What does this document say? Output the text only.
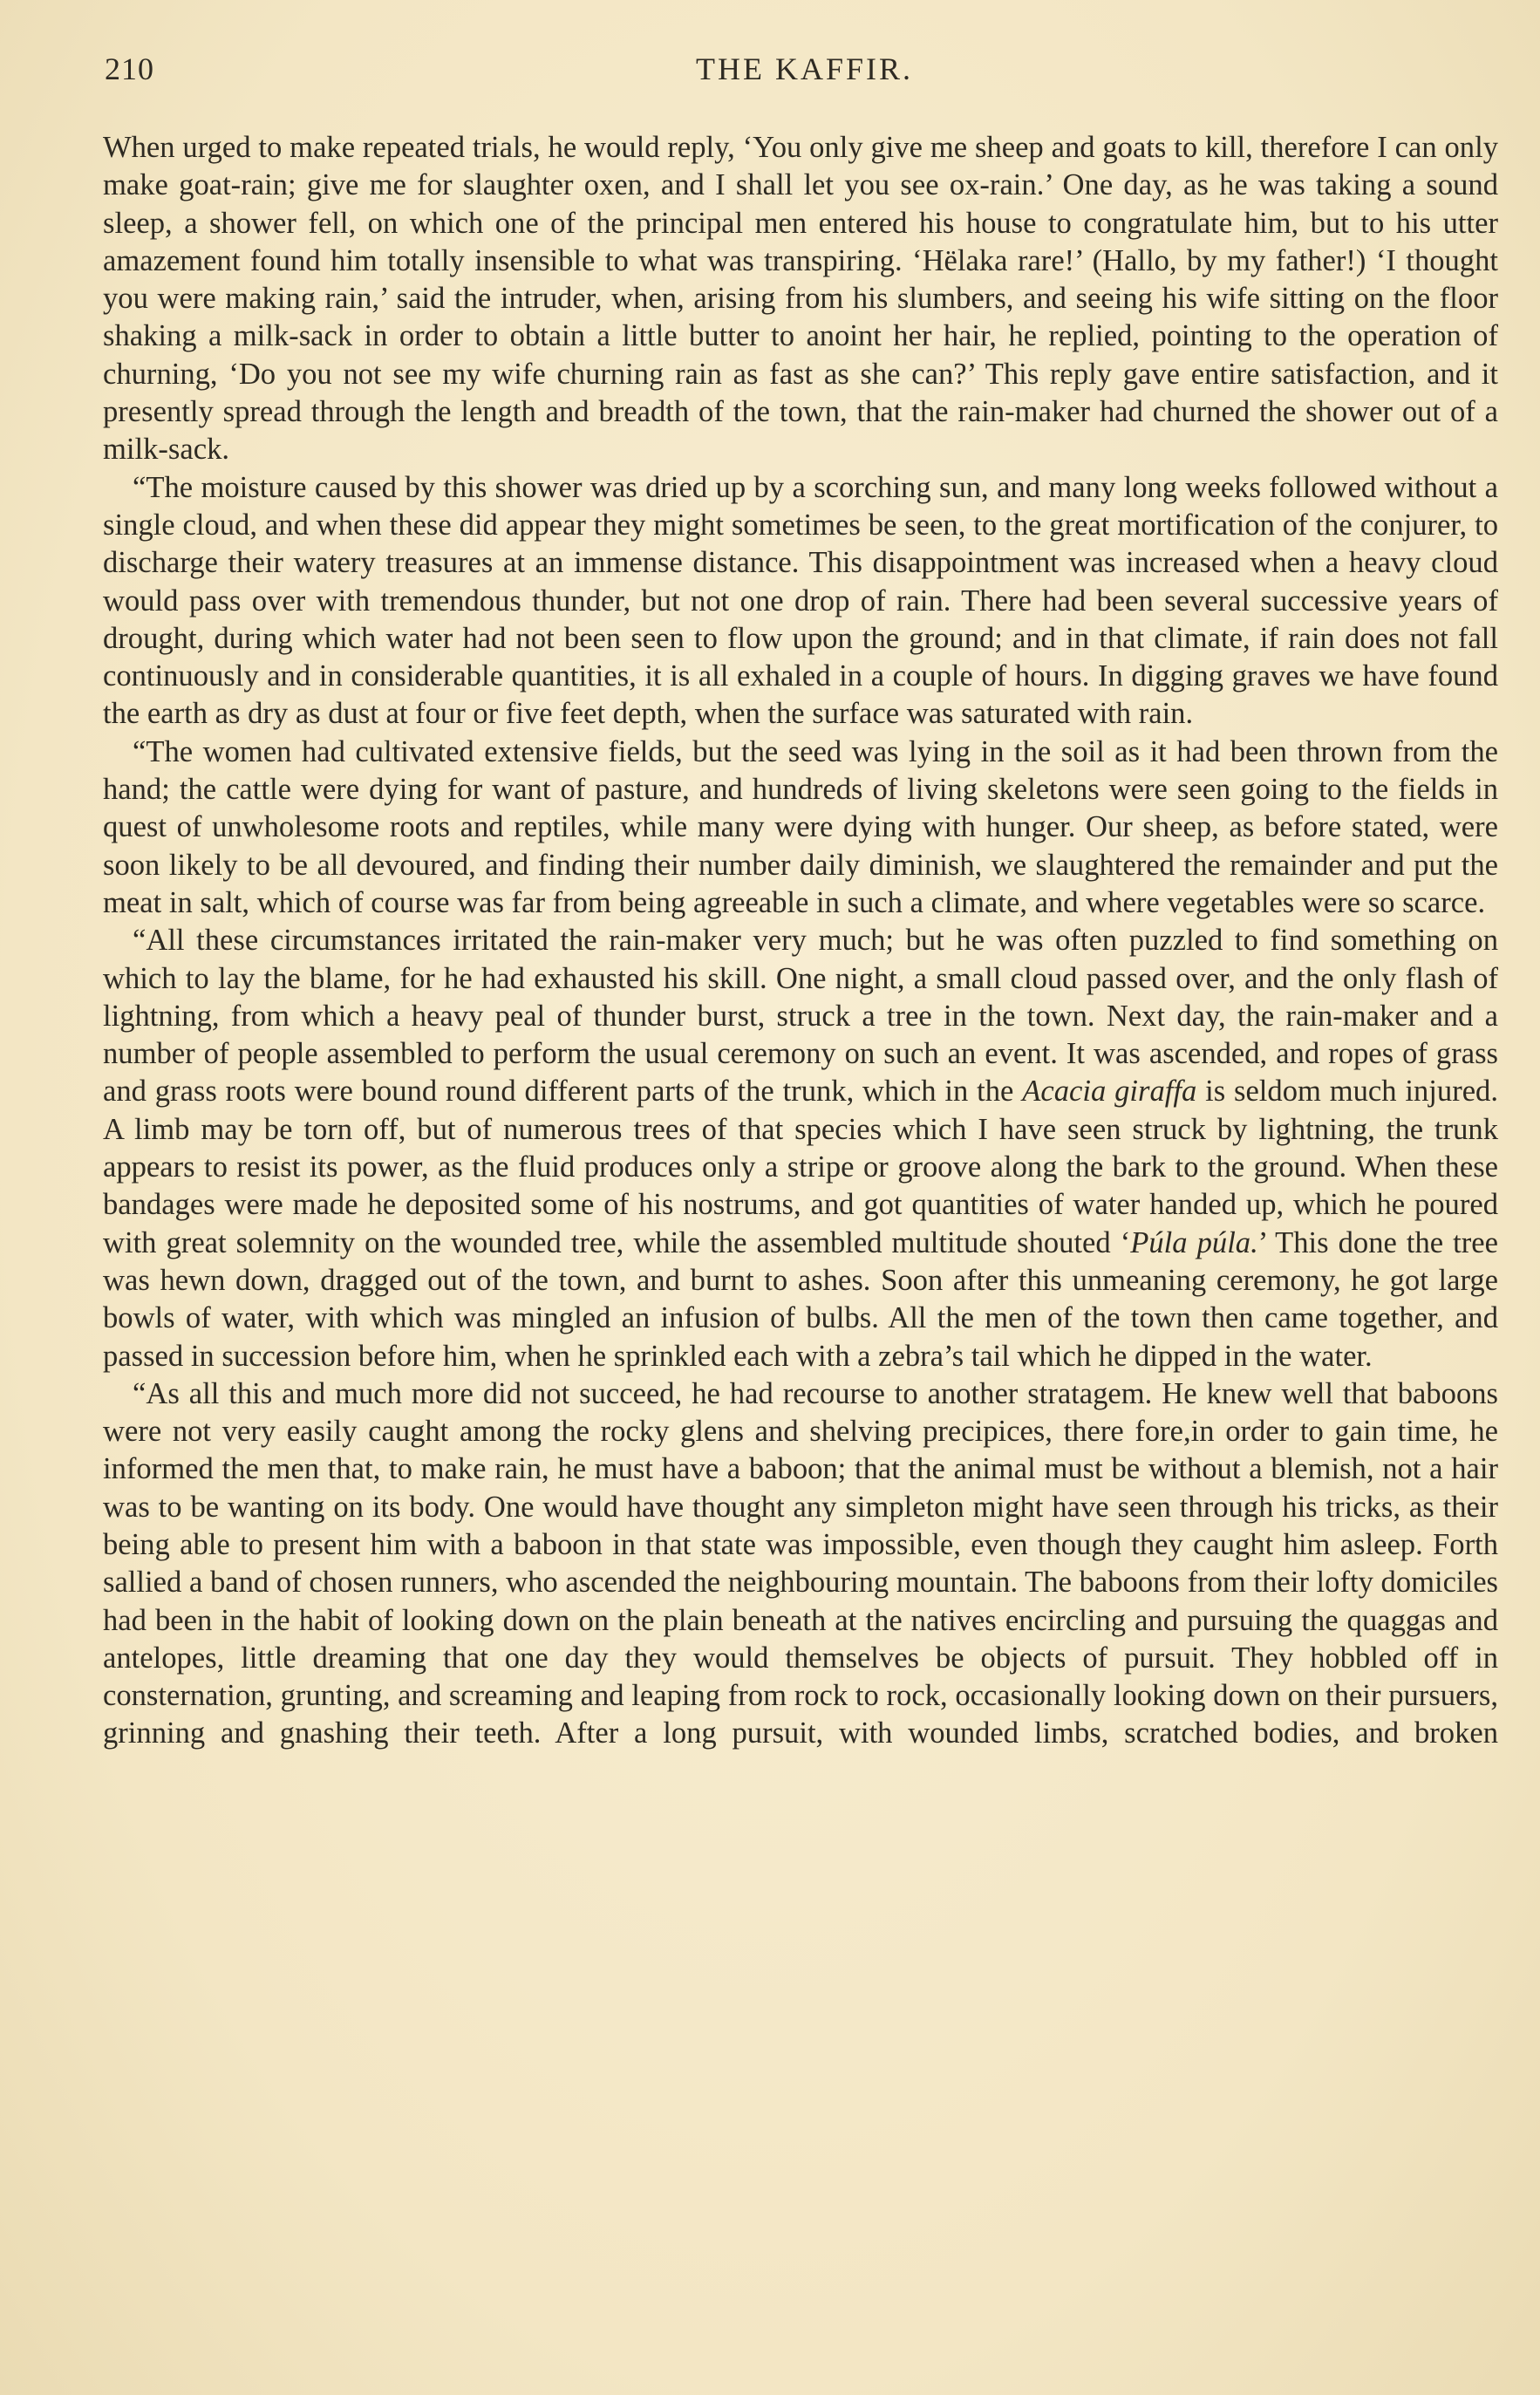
210	THE KAFFIR.

When urged to make repeated trials, he would reply, ‘You only give me sheep and goats to kill, therefore I can only make goat-rain; give me for slaughter oxen, and I shall let you see ox-rain.’ One day, as he was taking a sound sleep, a shower fell, on which one of the principal men entered his house to congratulate him, but to his utter amazement found him totally insensible to what was transpiring. ‘Hëlaka rare!’ (Hallo, by my father!) ‘I thought you were making rain,’ said the intruder, when, arising from his slumbers, and seeing his wife sitting on the floor shaking a milk-sack in order to obtain a little butter to anoint her hair, he replied, pointing to the operation of churning, ‘Do you not see my wife churning rain as fast as she can?’ This reply gave entire satisfaction, and it presently spread through the length and breadth of the town, that the rain-maker had churned the shower out of a milk-sack.

“The moisture caused by this shower was dried up by a scorching sun, and many long weeks followed without a single cloud, and when these did appear they might sometimes be seen, to the great mortification of the conjurer, to discharge their watery treasures at an immense distance. This disappointment was increased when a heavy cloud would pass over with tremendous thunder, but not one drop of rain. There had been several successive years of drought, during which water had not been seen to flow upon the ground; and in that climate, if rain does not fall continuously and in considerable quantities, it is all exhaled in a couple of hours. In digging graves we have found the earth as dry as dust at four or five feet depth, when the surface was saturated with rain.

“The women had cultivated extensive fields, but the seed was lying in the soil as it had been thrown from the hand; the cattle were dying for want of pasture, and hundreds of living skeletons were seen going to the fields in quest of unwholesome roots and reptiles, while many were dying with hunger. Our sheep, as before stated, were soon likely to be all devoured, and finding their number daily diminish, we slaughtered the remainder and put the meat in salt, which of course was far from being agreeable in such a climate, and where vegetables were so scarce.

“All these circumstances irritated the rain-maker very much; but he was often puzzled to find something on which to lay the blame, for he had exhausted his skill. One night, a small cloud passed over, and the only flash of lightning, from which a heavy peal of thunder burst, struck a tree in the town. Next day, the rain-maker and a number of people assembled to perform the usual ceremony on such an event. It was ascended, and ropes of grass and grass roots were bound round different parts of the trunk, which in the Acacia giraffa is seldom much injured. A limb may be torn off, but of numerous trees of that species which I have seen struck by lightning, the trunk appears to resist its power, as the fluid produces only a stripe or groove along the bark to the ground. When these bandages were made he deposited some of his nostrums, and got quantities of water handed up, which he poured with great solemnity on the wounded tree, while the assembled multitude shouted ‘Púla púla.’ This done the tree was hewn down, dragged out of the town, and burnt to ashes. Soon after this unmeaning ceremony, he got large bowls of water, with which was mingled an infusion of bulbs. All the men of the town then came together, and passed in succession before him, when he sprinkled each with a zebra’s tail which he dipped in the water.

“As all this and much more did not succeed, he had recourse to another stratagem. He knew well that baboons were not very easily caught among the rocky glens and shelving precipices, there fore,in order to gain time, he informed the men that, to make rain, he must have a baboon; that the animal must be without a blemish, not a hair was to be wanting on its body. One would have thought any simpleton might have seen through his tricks, as their being able to present him with a baboon in that state was impossible, even though they caught him asleep. Forth sallied a band of chosen runners, who ascended the neighbouring mountain. The baboons from their lofty domiciles had been in the habit of looking down on the plain beneath at the natives encircling and pursuing the quaggas and antelopes, little dreaming that one day they would themselves be objects of pursuit. They hobbled off in consternation, grunting, and screaming and leaping from rock to rock, occasionally looking down on their pursuers, grinning and gnashing their teeth. After a long pursuit, with wounded limbs, scratched bodies, and broken
